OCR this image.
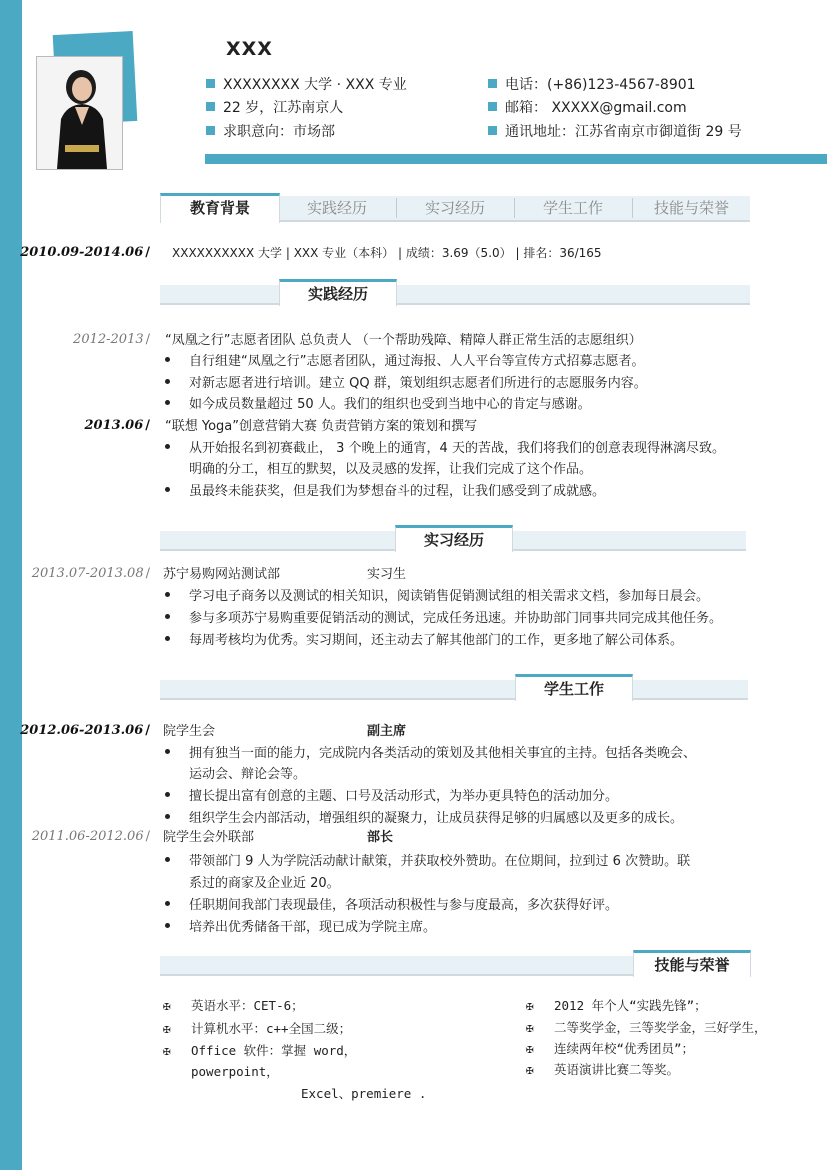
XXX
XXXXXXXX 大学 · XXX 专业
22 岁，江苏南京人
求职意向：市场部
电话：(+86)123-4567-8901
邮箱： XXXXX@gmail.com
通讯地址：江苏省南京市御道街 29 号
教育背景	实践经历	实习经历	学生工作	技能与荣誉
2010.09-2014.06 / XXXXXXXXXX 大学 | XXX 专业（本科） | 成绩：3.69（5.0） | 排名：36/165
实践经历
2012-2013 / “凤凰之行”志愿者团队 总负责人 （一个帮助残障、精障人群正常生活的志愿组织）
自行组建“凤凰之行”志愿者团队，通过海报、人人平台等宣传方式招募志愿者。
对新志愿者进行培训。建立 QQ 群，策划组织志愿者们所进行的志愿服务内容。
如今成员数量超过 50 人。我们的组织也受到当地中心的肯定与感谢。
2013.06 / “联想 Yoga”创意营销大赛 负责营销方案的策划和撰写
从开始报名到初赛截止， 3 个晚上的通宵，4 天的苦战，我们将我们的创意表现得淋漓尽致。
明确的分工，相互的默契，以及灵感的发挥，让我们完成了这个作品。
虽最终未能获奖，但是我们为梦想奋斗的过程，让我们感受到了成就感。
实习经历
2013.07-2013.08 / 苏宁易购网站测试部	实习生
学习电子商务以及测试的相关知识，阅读销售促销测试组的相关需求文档，参加每日晨会。
参与多项苏宁易购重要促销活动的测试，完成任务迅速。并协助部门同事共同完成其他任务。
每周考核均为优秀。实习期间，还主动去了解其他部门的工作，更多地了解公司体系。
学生工作
2012.06-2013.06 / 院学生会	副主席
拥有独当一面的能力，完成院内各类活动的策划及其他相关事宜的主持。包括各类晚会、
运动会、辩论会等。
擅长提出富有创意的主题、口号及活动形式，为举办更具特色的活动加分。
组织学生会内部活动，增强组织的凝聚力，让成员获得足够的归属感以及更多的成长。
2011.06-2012.06 / 院学生会外联部	部长
带领部门 9 人为学院活动献计献策，并获取校外赞助。在位期间，拉到过 6 次赞助。联
系过的商家及企业近 20。
任职期间我部门表现最佳，各项活动积极性与参与度最高，多次获得好评。
培养出优秀储备干部，现已成为学院主席。
技能与荣誉
✠ 英语水平：CET-6；
✠ 计算机水平：c++全国二级；
✠ Office 软件：掌握 word，
powerpoint，
Excel、premiere .
✠ 2012 年个人“实践先锋”；
✠ 二等奖学金，三等奖学金，三好学生，
✠ 连续两年校“优秀团员”；
✠ 英语演讲比赛二等奖。
